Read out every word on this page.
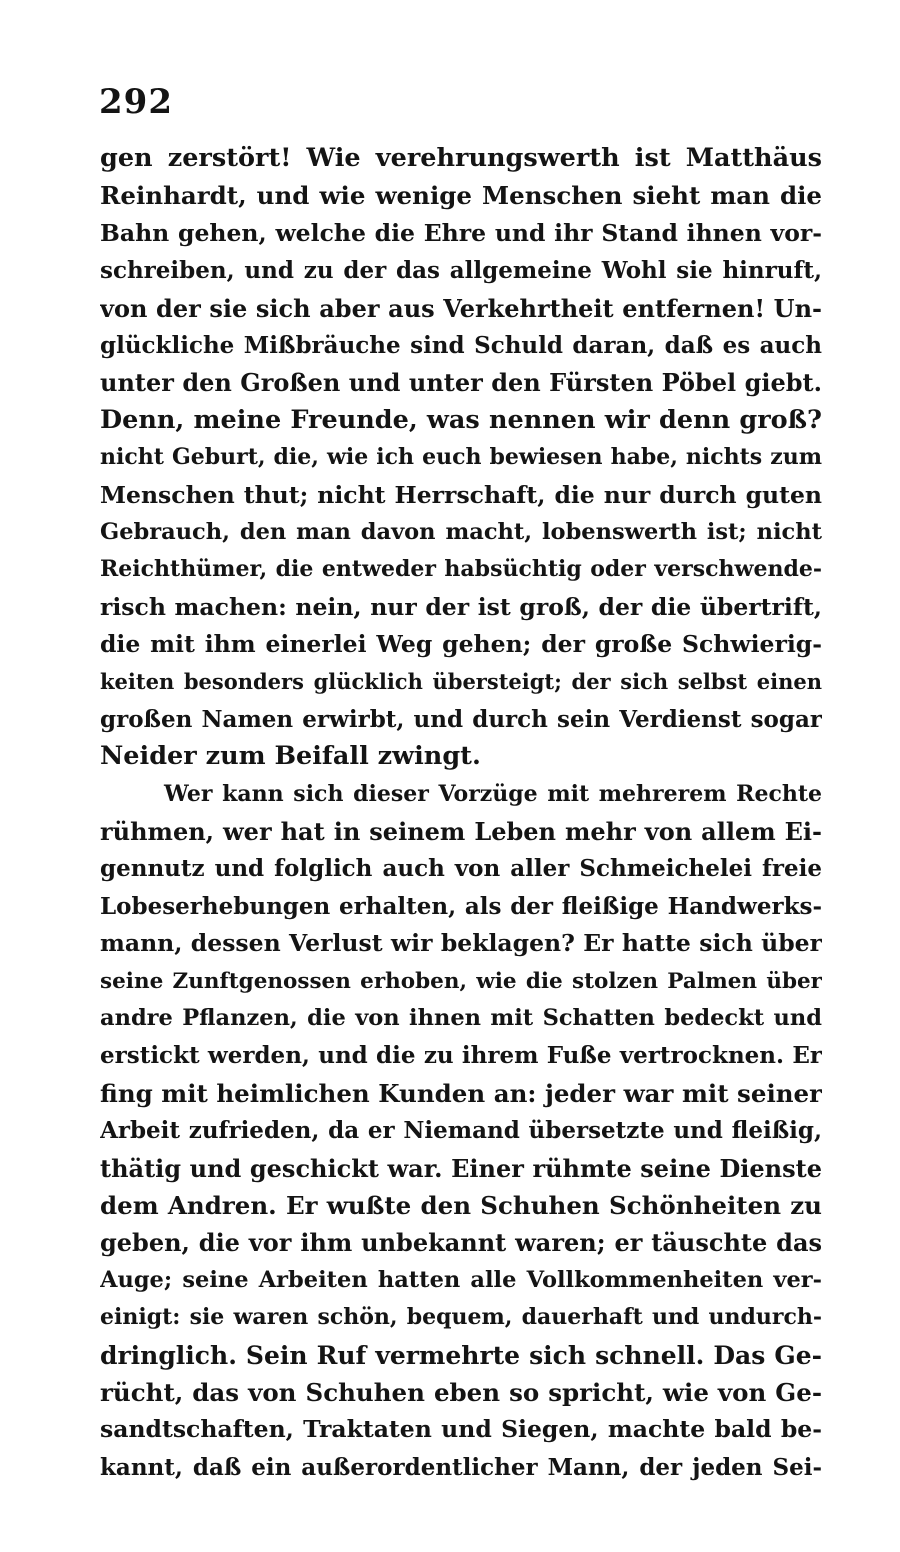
292
gen zerstört! Wie verehrungswerth ist Matthäus
Reinhardt, und wie wenige Menschen sieht man die
Bahn gehen, welche die Ehre und ihr Stand ihnen vor-
schreiben, und zu der das allgemeine Wohl sie hinruft,
von der sie sich aber aus Verkehrtheit entfernen! Un-
glückliche Mißbräuche sind Schuld daran, daß es auch
unter den Großen und unter den Fürsten Pöbel giebt.
Denn, meine Freunde, was nennen wir denn groß?
nicht Geburt, die, wie ich euch bewiesen habe, nichts zum
Menschen thut; nicht Herrschaft, die nur durch guten
Gebrauch, den man davon macht, lobenswerth ist; nicht
Reichthümer, die entweder habsüchtig oder verschwende-
risch machen: nein, nur der ist groß, der die übertrift,
die mit ihm einerlei Weg gehen; der große Schwierig-
keiten besonders glücklich übersteigt; der sich selbst einen
großen Namen erwirbt, und durch sein Verdienst sogar
Neider zum Beifall zwingt.
Wer kann sich dieser Vorzüge mit mehrerem Rechte
rühmen, wer hat in seinem Leben mehr von allem Ei-
gennutz und folglich auch von aller Schmeichelei freie
Lobeserhebungen erhalten, als der fleißige Handwerks-
mann, dessen Verlust wir beklagen? Er hatte sich über
seine Zunftgenossen erhoben, wie die stolzen Palmen über
andre Pflanzen, die von ihnen mit Schatten bedeckt und
erstickt werden, und die zu ihrem Fuße vertrocknen. Er
fing mit heimlichen Kunden an: jeder war mit seiner
Arbeit zufrieden, da er Niemand übersetzte und fleißig,
thätig und geschickt war. Einer rühmte seine Dienste
dem Andren. Er wußte den Schuhen Schönheiten zu
geben, die vor ihm unbekannt waren; er täuschte das
Auge; seine Arbeiten hatten alle Vollkommenheiten ver-
einigt: sie waren schön, bequem, dauerhaft und undurch-
dringlich. Sein Ruf vermehrte sich schnell. Das Ge-
rücht, das von Schuhen eben so spricht, wie von Ge-
sandtschaften, Traktaten und Siegen, machte bald be-
kannt, daß ein außerordentlicher Mann, der jeden Sei-
